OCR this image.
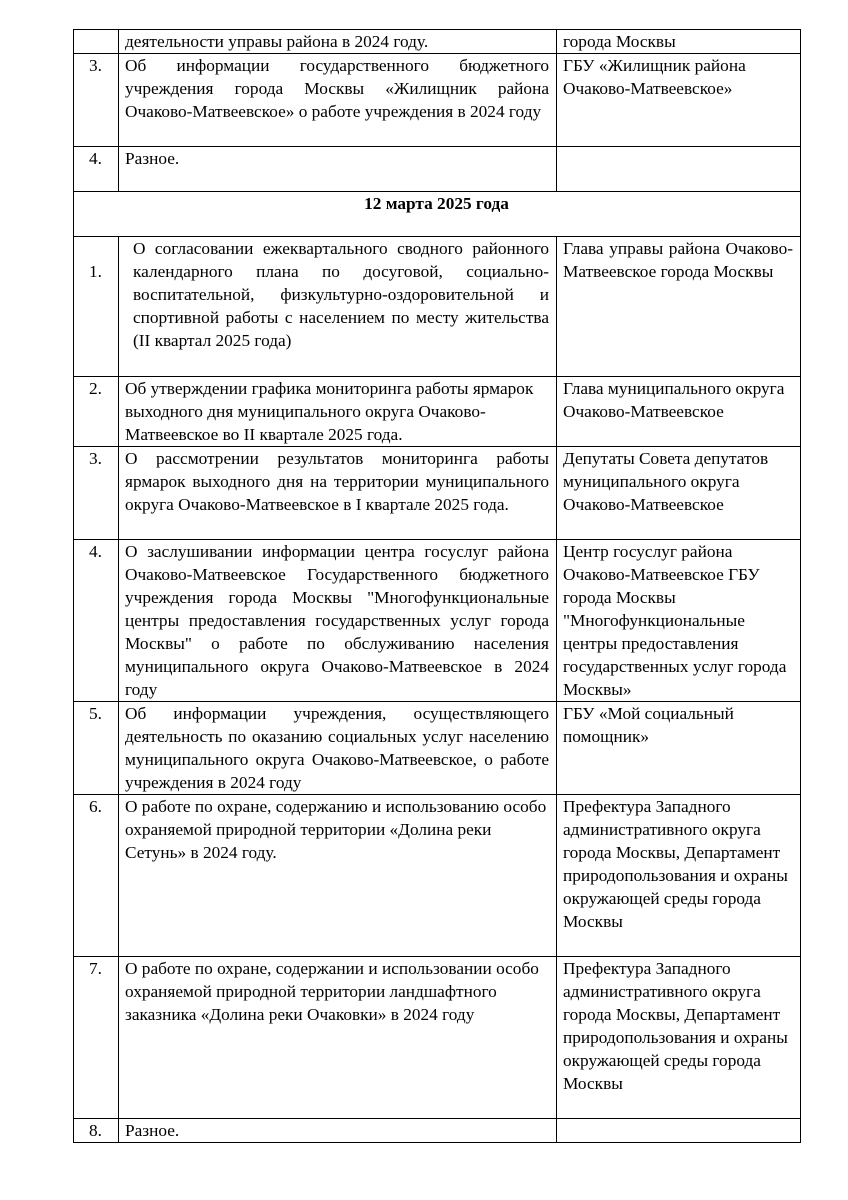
	деятельности управы района в 2024 году.	города Москвы
3.	Об информации государственного бюджетного учреждения города Москвы «Жилищник района Очаково-Матвеевское» о работе учреждения в 2024 году	ГБУ «Жилищник района Очаково-Матвеевское»
4.	Разное.	
12 марта 2025 года		
1.	О согласовании ежеквартального сводного районного календарного плана по досуговой, социально-воспитательной, физкультурно-оздоровительной и спортивной работы с населением по месту жительства (II квартал 2025 года)	Глава управы района Очаково-Матвеевское города Москвы
2.	Об утверждении графика мониторинга работы ярмарок выходного дня муниципального округа Очаково-Матвеевское во II квартале 2025 года.	Глава муниципального округа Очаково-Матвеевское
3.	О рассмотрении результатов мониторинга работы ярмарок выходного дня на территории муниципального округа Очаково-Матвеевское в I квартале 2025 года.	Депутаты Совета депутатов муниципального округа Очаково-Матвеевское
4.	О заслушивании информации центра госуслуг района Очаково-Матвеевское Государственного бюджетного учреждения города Москвы "Многофункциональные центры предоставления государственных услуг города Москвы" о работе по обслуживанию населения муниципального округа Очаково-Матвеевское в 2024 году	Центр госуслуг района Очаково-Матвеевское ГБУ города Москвы "Многофункциональные центры предоставления государственных услуг города Москвы»
5.	Об информации учреждения, осуществляющего деятельность по оказанию социальных услуг населению муниципального округа Очаково-Матвеевское, о работе учреждения в 2024 году	ГБУ «Мой социальный помощник»
6.	О работе по охране, содержанию и использованию особо охраняемой природной территории «Долина реки Сетунь» в 2024 году.	Префектура Западного административного округа города Москвы, Департамент природопользования и охраны окружающей среды города Москвы
7.	О работе по охране, содержании и использовании особо охраняемой природной территории ландшафтного заказника «Долина реки Очаковки» в 2024 году	Префектура Западного административного округа города Москвы, Департамент природопользования и охраны окружающей среды города Москвы
8.	Разное.	
